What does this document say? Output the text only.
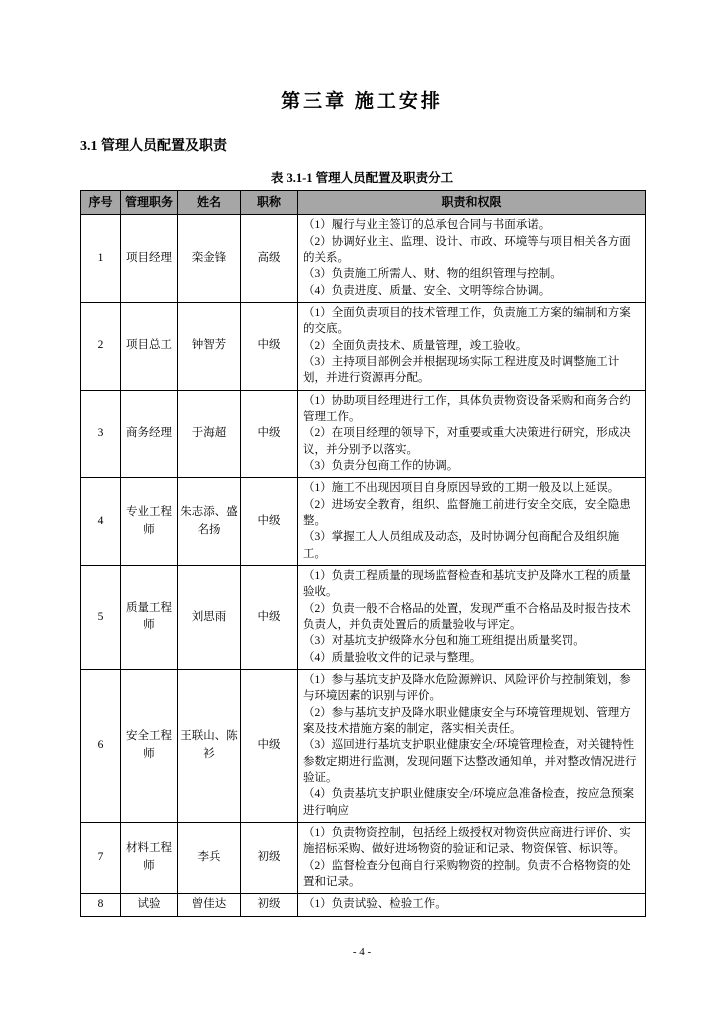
第三章 施工安排
3.1 管理人员配置及职责
表 3.1-1 管理人员配置及职责分工
序号	管理职务	姓名	职称	职责和权限
1	项目经理	栾金锋	高级	（1）履行与业主签订的总承包合同与书面承诺。
（2）协调好业主、监理、设计、市政、环境等与项目相关各方面的关系。
（3）负责施工所需人、财、物的组织管理与控制。
（4）负责进度、质量、安全、文明等综合协调。

2	项目总工	钟智芳	中级	（1）全面负责项目的技术管理工作，负责施工方案的编制和方案的交底。
（2）全面负责技术、质量管理，竣工验收。
（3）主持项目部例会并根据现场实际工程进度及时调整施工计划，并进行资源再分配。

3	商务经理	于海超	中级	（1）协助项目经理进行工作，具体负责物资设备采购和商务合约管理工作。
（2）在项目经理的领导下，对重要或重大决策进行研究，形成决议，并分别予以落实。
（3）负责分包商工作的协调。

4	专业工程师	朱志添、盛名扬	中级	（1）施工不出现因项目自身原因导致的工期一般及以上延误。
（2）进场安全教育，组织、监督施工前进行安全交底，安全隐患整。
（3）掌握工人人员组成及动态，及时协调分包商配合及组织施工。

5	质量工程师	刘思雨	中级	（1）负责工程质量的现场监督检查和基坑支护及降水工程的质量验收。
（2）负责一般不合格品的处置，发现严重不合格品及时报告技术负责人，并负责处置后的质量验收与评定。
（3）对基坑支护级降水分包和施工班组提出质量奖罚。
（4）质量验收文件的记录与整理。

6	安全工程师	王联山、陈衫	中级	（1）参与基坑支护及降水危险源辨识、风险评价与控制策划，参与环境因素的识别与评价。
（2）参与基坑支护及降水职业健康安全与环境管理规划、管理方案及技术措施方案的制定，落实相关责任。
（3）巡回进行基坑支护职业健康安全/环境管理检查，对关键特性参数定期进行监测，发现问题下达整改通知单，并对整改情况进行验证。
（4）负责基坑支护职业健康安全/环境应急准备检查，按应急预案进行响应

7	材料工程师	李兵	初级	（1）负责物资控制，包括经上级授权对物资供应商进行评价、实施招标采购、做好进场物资的验证和记录、物资保管、标识等。
（2）监督检查分包商自行采购物资的控制。负责不合格物资的处置和记录。

8	试验	曾佳达	初级	（1）负责试验、检验工作。
- 4 -
